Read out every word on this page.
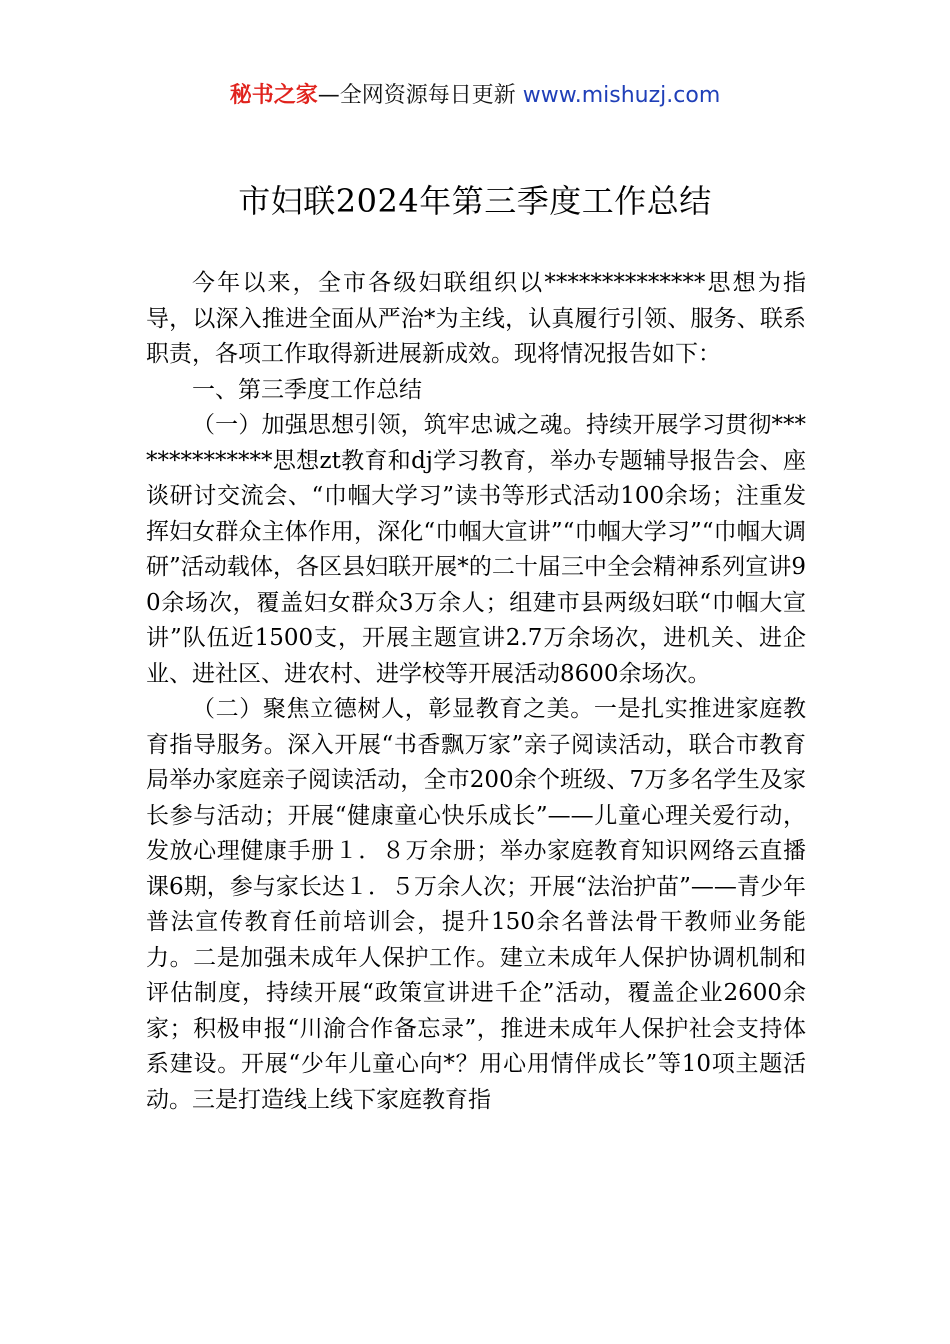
秘书之家—全网资源每日更新 www.mishuzj.com
市妇联2024年第三季度工作总结

今年以来，全市各级妇联组织以**************思想为指导，以深入推进全面从严治*为主线，认真履行引领、服务、联系职责，各项工作取得新进展新成效。现将情况报告如下：

一、第三季度工作总结

（一）加强思想引领，筑牢忠诚之魂。持续开展学习贯彻**************思想zt教育和dj学习教育，举办专题辅导报告会、座谈研讨交流会、“巾帼大学习”读书等形式活动100余场；注重发挥妇女群众主体作用，深化“巾帼大宣讲”“巾帼大学习”“巾帼大调研”活动载体，各区县妇联开展*的二十届三中全会精神系列宣讲90余场次，覆盖妇女群众3万余人；组建市县两级妇联“巾帼大宣讲”队伍近1500支，开展主题宣讲2.7万余场次，进机关、进企业、进社区、进农村、进学校等开展活动8600余场次。

（二）聚焦立德树人，彰显教育之美。一是扎实推进家庭教育指导服务。深入开展“书香飘万家”亲子阅读活动，联合市教育局举办家庭亲子阅读活动，全市200余个班级、7万多名学生及家长参与活动；开展“健康童心快乐成长”——儿童心理关爱行动，发放心理健康手册１．８万余册；举办家庭教育知识网络云直播课6期，参与家长达１．５万余人次；开展“法治护苗”——青少年普法宣传教育任前培训会，提升150余名普法骨干教师业务能力。二是加强未成年人保护工作。建立未成年人保护协调机制和评估制度，持续开展“政策宣讲进千企”活动，覆盖企业2600余家；积极申报“川渝合作备忘录”，推进未成年人保护社会支持体系建设。开展“少年儿童心向*？用心用情伴成长”等10项主题活动。三是打造线上线下家庭教育指
